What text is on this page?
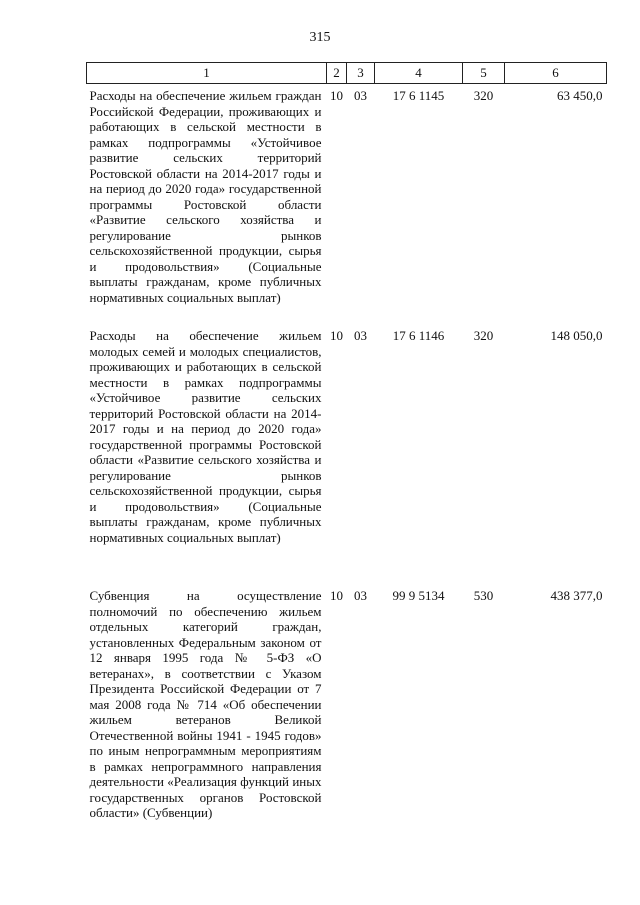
315
1	2	3	4	5	6
Расходы на обеспечение жильем граждан Российской Федерации, проживающих и работающих в сельской местности в рамках подпрограммы «Устойчивое развитие сельских территорий Ростовской области на 2014-2017 годы и на период до 2020 года» государственной программы Ростовской области «Развитие сельского хозяйства и регулирование рынков сельскохозяйственной продукции, сырья и продовольствия» (Социальные выплаты гражданам, кроме публичных нормативных социальных выплат)	10	03	17 6 1145	320	63 450,0
Расходы на обеспечение жильем молодых семей и молодых специалистов, проживающих и работающих в сельской местности в рамках подпрограммы «Устойчивое развитие сельских территорий Ростовской области на 2014-2017 годы и на период до 2020 года» государственной программы Ростовской области «Развитие сельского хозяйства и регулирование рынков сельскохозяйственной продукции, сырья и продовольствия» (Социальные выплаты гражданам, кроме публичных нормативных социальных выплат)	10	03	17 6 1146	320	148 050,0
Субвенция на осуществление полномочий по обеспечению жильем отдельных категорий граждан, установленных Федеральным законом от 12 января 1995 года № 5-ФЗ «О ветеранах», в соответствии с Указом Президента Российской Федерации от 7 мая 2008 года № 714 «Об обеспечении жильем ветеранов Великой Отечественной войны 1941 - 1945 годов» по иным непрограммным мероприятиям в рамках непрограммного направления деятельности «Реализация функций иных государственных органов Ростовской области» (Субвенции)	10	03	99 9 5134	530	438 377,0
